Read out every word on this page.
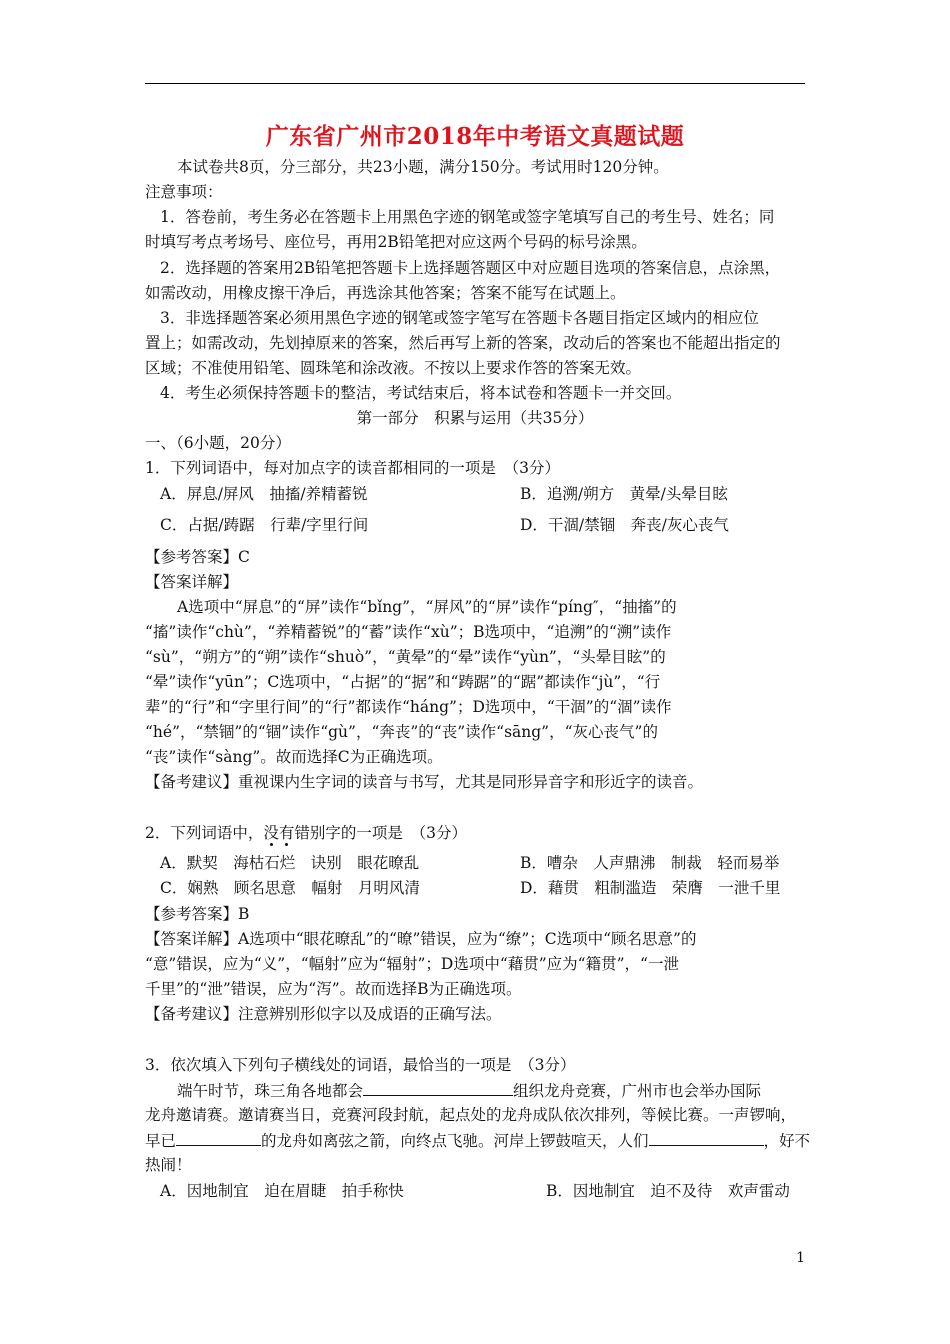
广东省广州市2018年中考语文真题试题
本试卷共8页，分三部分，共23小题，满分150分。考试用时120分钟。
注意事项：
1．答卷前，考生务必在答题卡上用黑色字迹的钢笔或签字笔填写自己的考生号、姓名；同
时填写考点考场号、座位号，再用2B铅笔把对应这两个号码的标号涂黑。
2．选择题的答案用2B铅笔把答题卡上选择题答题区中对应题目选项的答案信息，点涂黑，
如需改动，用橡皮擦干净后，再选涂其他答案；答案不能写在试题上。
3．非选择题答案必须用黑色字迹的钢笔或签字笔写在答题卡各题目指定区域内的相应位
置上；如需改动，先划掉原来的答案，然后再写上新的答案，改动后的答案也不能超出指定的
区域；不准使用铅笔、圆珠笔和涂改液。不按以上要求作答的答案无效。
4．考生必须保持答题卡的整洁，考试结束后，将本试卷和答题卡一并交回。
第一部分　积累与运用（共35分）
一、（6小题，20分）
1．下列词语中，每对加点字的读音都相同的一项是　（3分）
A．屏息/屏风　抽搐/养精蓄锐	B．追溯/朔方　黄晕/头晕目眩
C．占据/踌踞　行辈/字里行间	D．干涸/禁锢　奔丧/灰心丧气
【参考答案】C
【答案详解】
A选项中“屏息”的“屏”读作“bǐng”，“屏风”的“屏”读作“píng″，“抽搐”的
“搐”读作“chù”，“养精蓄锐”的“蓄”读作“xù”；B选项中，“追溯”的“溯”读作
“sù”，“朔方”的“朔”读作“shuò”，“黄晕”的“晕”读作“yùn”，“头晕目眩”的
“晕”读作“yūn”；C选项中，“占据”的“据”和“踌踞”的“踞”都读作“jù”，“行
辈”的“行”和“字里行间”的“行”都读作“háng”；D选项中，“干涸”的“涸”读作
“hé”，“禁锢”的“锢”读作“gù”，“奔丧”的“丧”读作“sāng”，“灰心丧气”的
“丧”读作“sàng”。故而选择C为正确选项。
【备考建议】重视课内生字词的读音与书写，尤其是同形异音字和形近字的读音。
2．下列词语中，没有错别字的一项是　（3分）
A．默契　海枯石烂　诀别　眼花暸乱	B．嘈杂　人声鼎沸　制裁　轻而易举
C．娴熟　顾名思意　幅射　月明风清	D．藉贯　粗制滥造　荣膺　一泄千里
【参考答案】B
【答案详解】A选项中“眼花暸乱”的“暸”错误，应为“缭”；C选项中“顾名思意”的
“意”错误，应为“义”，“幅射”应为“辐射”；D选项中“藉贯”应为“籍贯”，“一泄
千里”的“泄”错误，应为“泻”。故而选择B为正确选项。
【备考建议】注意辨别形似字以及成语的正确写法。
3．依次填入下列句子横线处的词语，最恰当的一项是　（3分）
端午时节，珠三角各地都会	组织龙舟竞赛，广州市也会举办国际
龙舟邀请赛。邀请赛当日，竞赛河段封航，起点处的龙舟成队依次排列，等候比赛。一声锣响，
早已	的龙舟如离弦之箭，向终点飞驰。河岸上锣鼓喧天，人们	，好不
热闹！
A．因地制宜　迫在眉睫　拍手称快	B．因地制宜　迫不及待　欢声雷动
1
